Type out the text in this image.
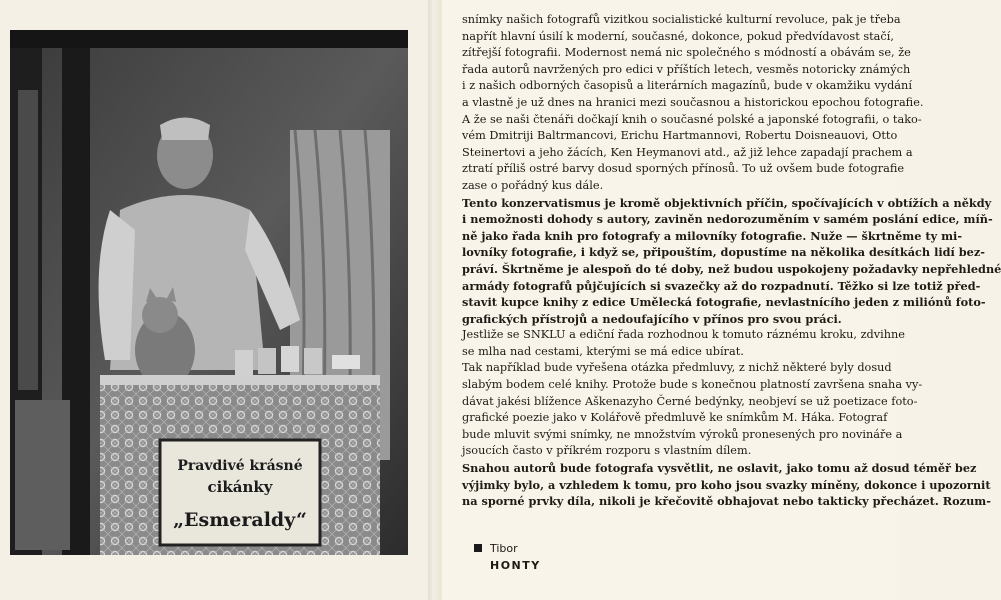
Pravdivé krásné
cikánky
„Esmeraldy“
snímky našich fotografů vizitkou socialistické kulturní revoluce, pak je třeba
napřít hlavní úsilí k moderní, současné, dokonce, pokud předvídavost stačí,
zítřejší fotografii. Modernost nemá nic společného s módností a obávám se, že
řada autorů navržených pro edici v příštích letech, vesměs notoricky známých
i z našich odborných časopisů a literárních magazínů, bude v okamžiku vydání
a vlastně je už dnes na hranici mezi současnou a historickou epochou fotografie.
A že se naši čtenáři dočkají knih o současné polské a japonské fotografii, o tako-
vém Dmitriji Baltrmancovi, Erichu Hartmannovi, Robertu Doisneauovi, Otto
Steinertovi a jeho žácích, Ken Heymanovi atd., až již lehce zapadají prachem a
ztratí příliš ostré barvy dosud sporných přínosů. To už ovšem bude fotografie
zase o pořádný kus dále.
Tento konzervatismus je kromě objektivních příčin, spočívajících v obtížích a někdy
i nemožnosti dohody s autory, zaviněn nedorozuměním v samém poslání edice, míň-
ně jako řada knih pro fotografy a milovníky fotografie. Nuže — škrtněme ty mi-
lovníky fotografie, i když se, připouštím, dopustíme na několika desítkách lidí bez-
práví. Škrtněme je alespoň do té doby, než budou uspokojeny požadavky nepřehledné
armády fotografů půjčujících si svazečky až do rozpadnutí. Těžko si lze totiž před-
stavit kupce knihy z edice Umělecká fotografie, nevlastnícího jeden z miliónů foto-
grafických přístrojů a nedoufajícího v přínos pro svou práci.
Jestliže se SNKLU a ediční řada rozhodnou k tomuto ráznému kroku, zdvihne
se mlha nad cestami, kterými se má edice ubírat.
Tak například bude vyřešena otázka předmluvy, z nichž některé byly dosud
slabým bodem celé knihy. Protože bude s konečnou platností završena snaha vy-
dávat jakési blížence Aškenazyho Černé bedýnky, neobjeví se už poetizace foto-
grafické poezie jako v Kolářově předmluvě ke snímkům M. Háka. Fotograf
bude mluvit svými snímky, ne množstvím výroků pronesených pro novináře a
jsoucích často v příkrém rozporu s vlastním dílem.
Snahou autorů bude fotografa vysvětlit, ne oslavit, jako tomu až dosud téměř bez
výjimky bylo, a vzhledem k tomu, pro koho jsou svazky míněny, dokonce i upozornit
na sporné prvky díla, nikoli je křečovitě obhajovat nebo takticky přecházet. Rozum-
Tibor
HONTY
